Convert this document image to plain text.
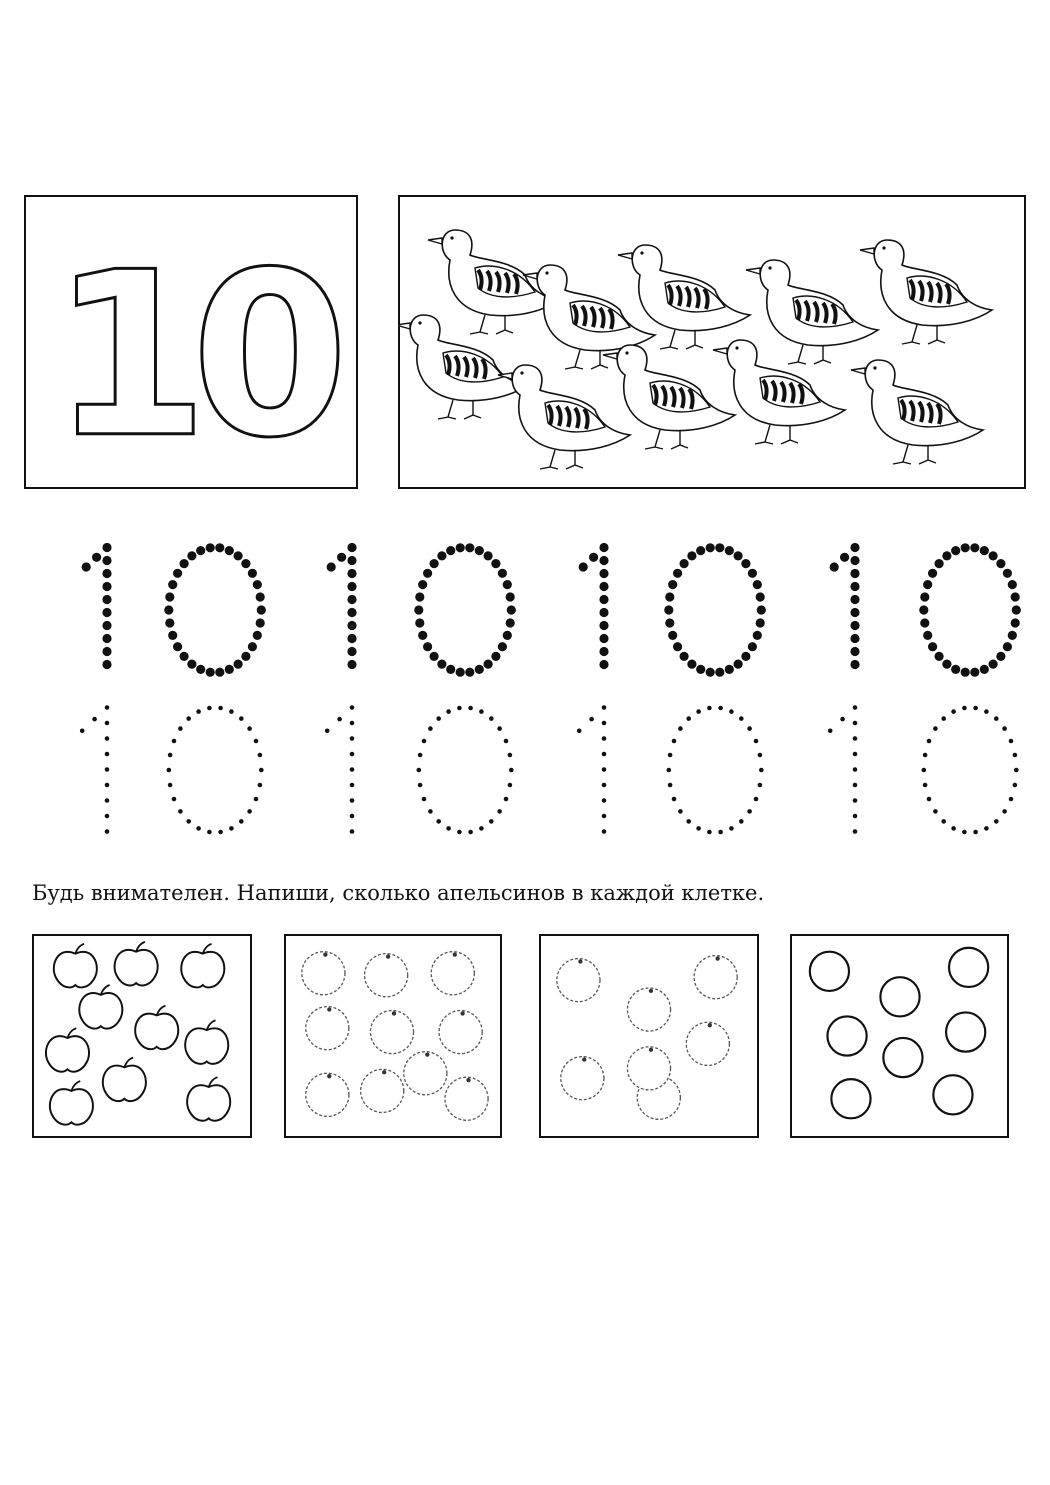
10
Будь внимателен. Напиши, сколько апельсинов в каждой клетке.
